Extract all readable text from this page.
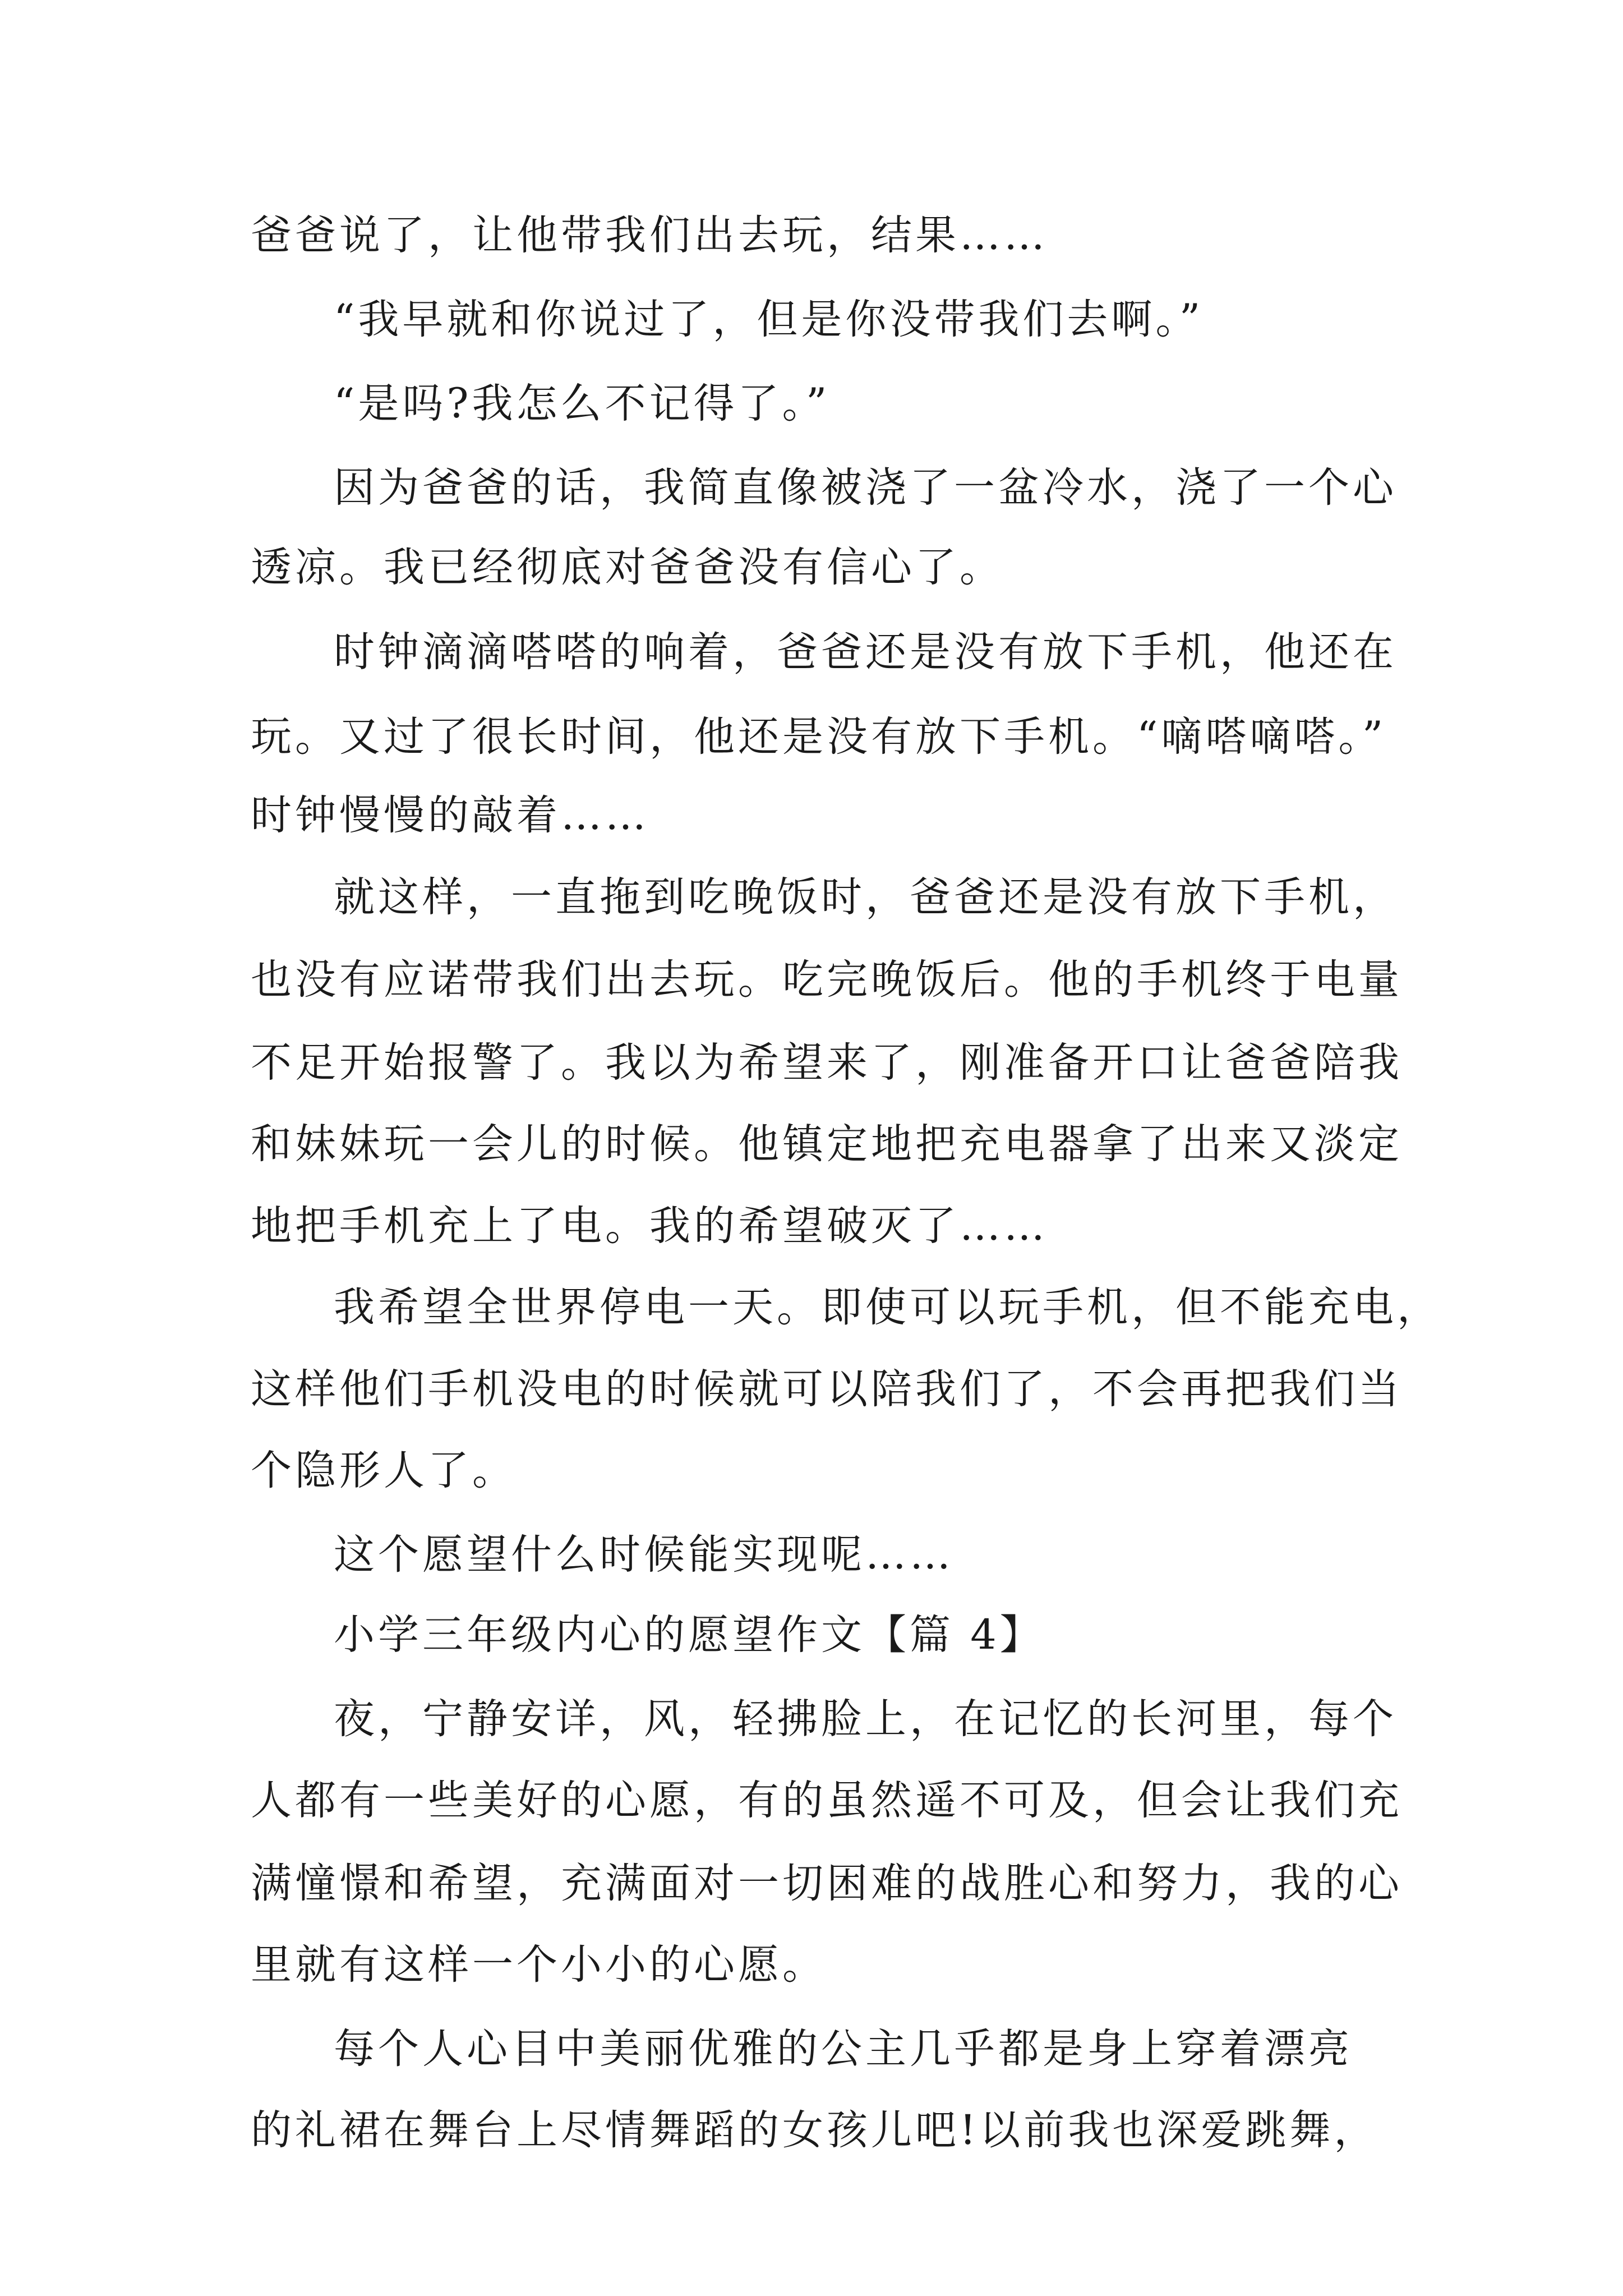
爸爸说了，让他带我们出去玩，结果……
“我早就和你说过了，但是你没带我们去啊。”
“是吗?我怎么不记得了。”
因为爸爸的话，我简直像被浇了一盆冷水，浇了一个心
透凉。我已经彻底对爸爸没有信心了。
时钟滴滴嗒嗒的响着，爸爸还是没有放下手机，他还在
玩。又过了很长时间，他还是没有放下手机。“嘀嗒嘀嗒。”
时钟慢慢的敲着……
就这样，一直拖到吃晚饭时，爸爸还是没有放下手机，
也没有应诺带我们出去玩。吃完晚饭后。他的手机终于电量
不足开始报警了。我以为希望来了，刚准备开口让爸爸陪我
和妹妹玩一会儿的时候。他镇定地把充电器拿了出来又淡定
地把手机充上了电。我的希望破灭了……
我希望全世界停电一天。即使可以玩手机，但不能充电，
这样他们手机没电的时候就可以陪我们了，不会再把我们当
个隐形人了。
这个愿望什么时候能实现呢……
小学三年级内心的愿望作文【篇 4】
夜，宁静安详，风，轻拂脸上，在记忆的长河里，每个
人都有一些美好的心愿，有的虽然遥不可及，但会让我们充
满憧憬和希望，充满面对一切困难的战胜心和努力，我的心
里就有这样一个小小的心愿。
每个人心目中美丽优雅的公主几乎都是身上穿着漂亮
的礼裙在舞台上尽情舞蹈的女孩儿吧!以前我也深爱跳舞，
